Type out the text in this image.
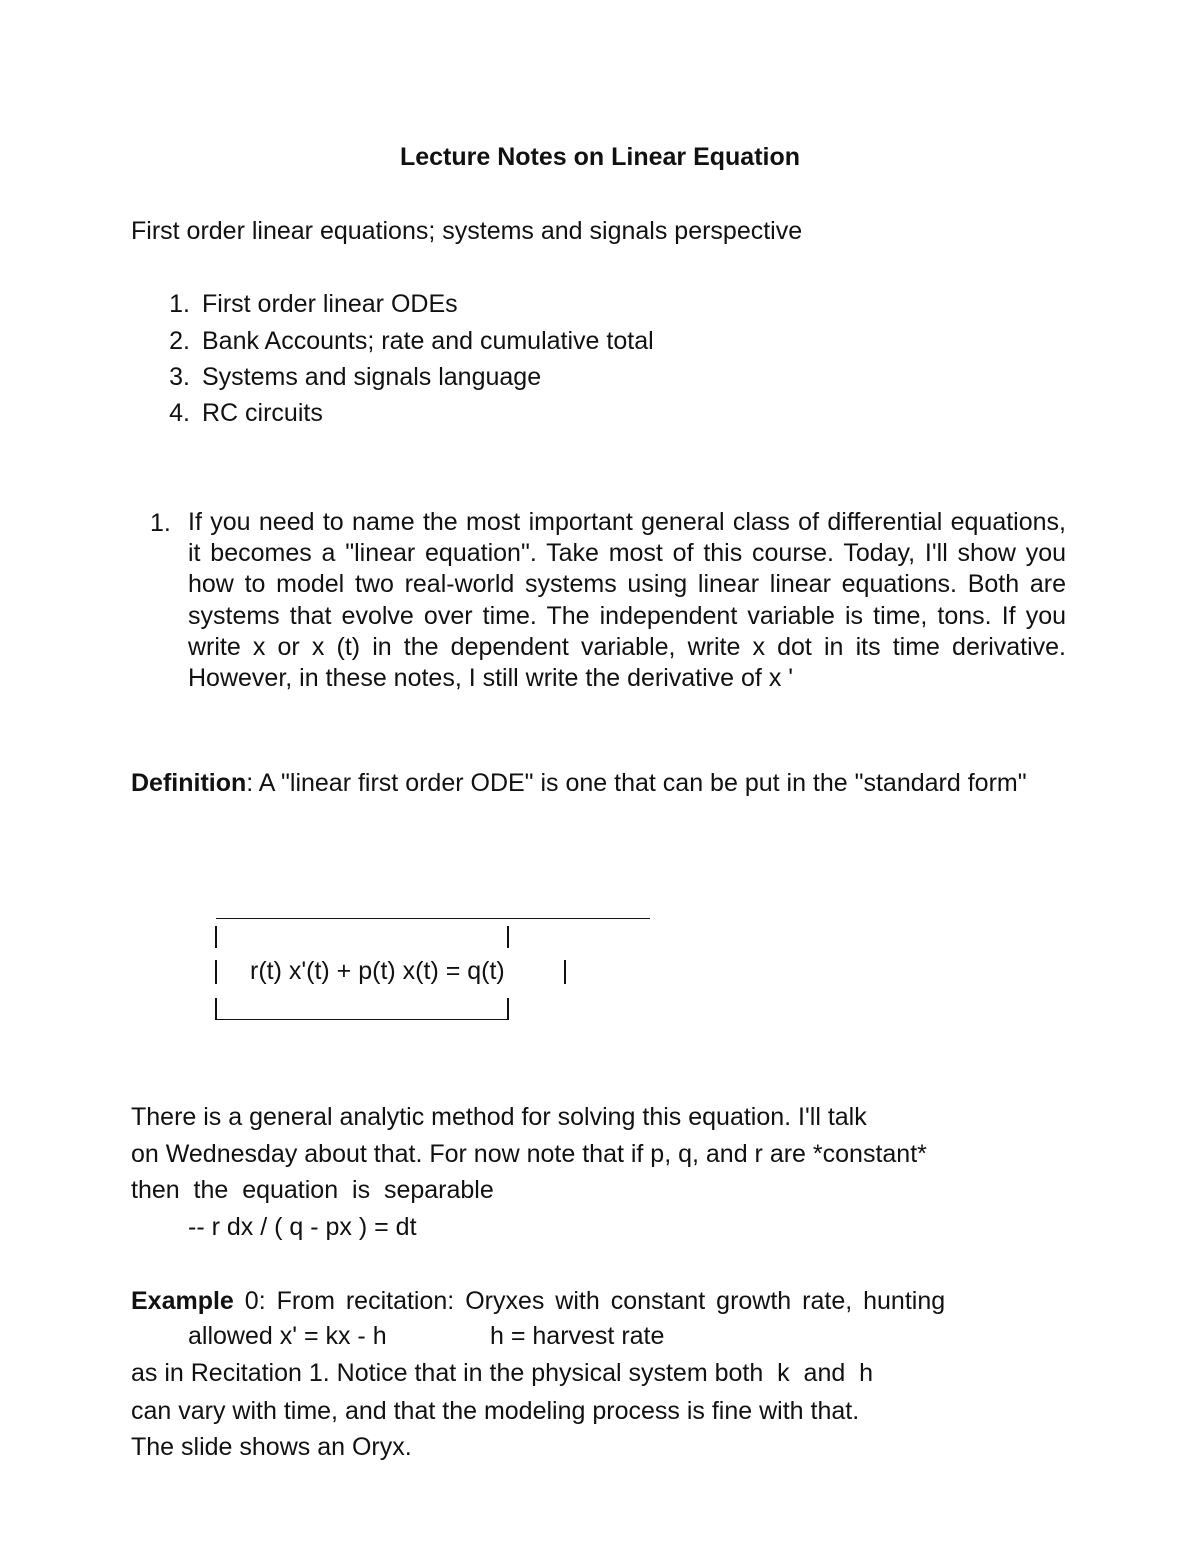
Lecture Notes on Linear Equation
First order linear equations; systems and signals perspective
1. First order linear ODEs
2. Bank Accounts; rate and cumulative total
3. Systems and signals language
4. RC circuits
1. If you need to name the most important general class of differential equations, it becomes a "linear equation". Take most of this course. Today, I'll show you how to model two real-world systems using linear linear equations. Both are systems that evolve over time. The independent variable is time, tons. If you write x or x (t) in the dependent variable, write x dot in its time derivative. However, in these notes, I still write the derivative of x '
Definition: A "linear first order ODE" is one that can be put in the "standard form"
r(t) x'(t) + p(t) x(t) = q(t)
There is a general analytic method for solving this equation. I'll talk
on Wednesday about that. For now note that if p, q, and r are *constant*
then  the  equation  is  separable
-- r dx / ( q - px ) = dt
Example 0: From recitation: Oryxes with constant growth rate, hunting
allowed x' = kx - h	h = harvest rate
as in Recitation 1. Notice that in the physical system both  k  and  h
can vary with time, and that the modeling process is fine with that.
The slide shows an Oryx.
